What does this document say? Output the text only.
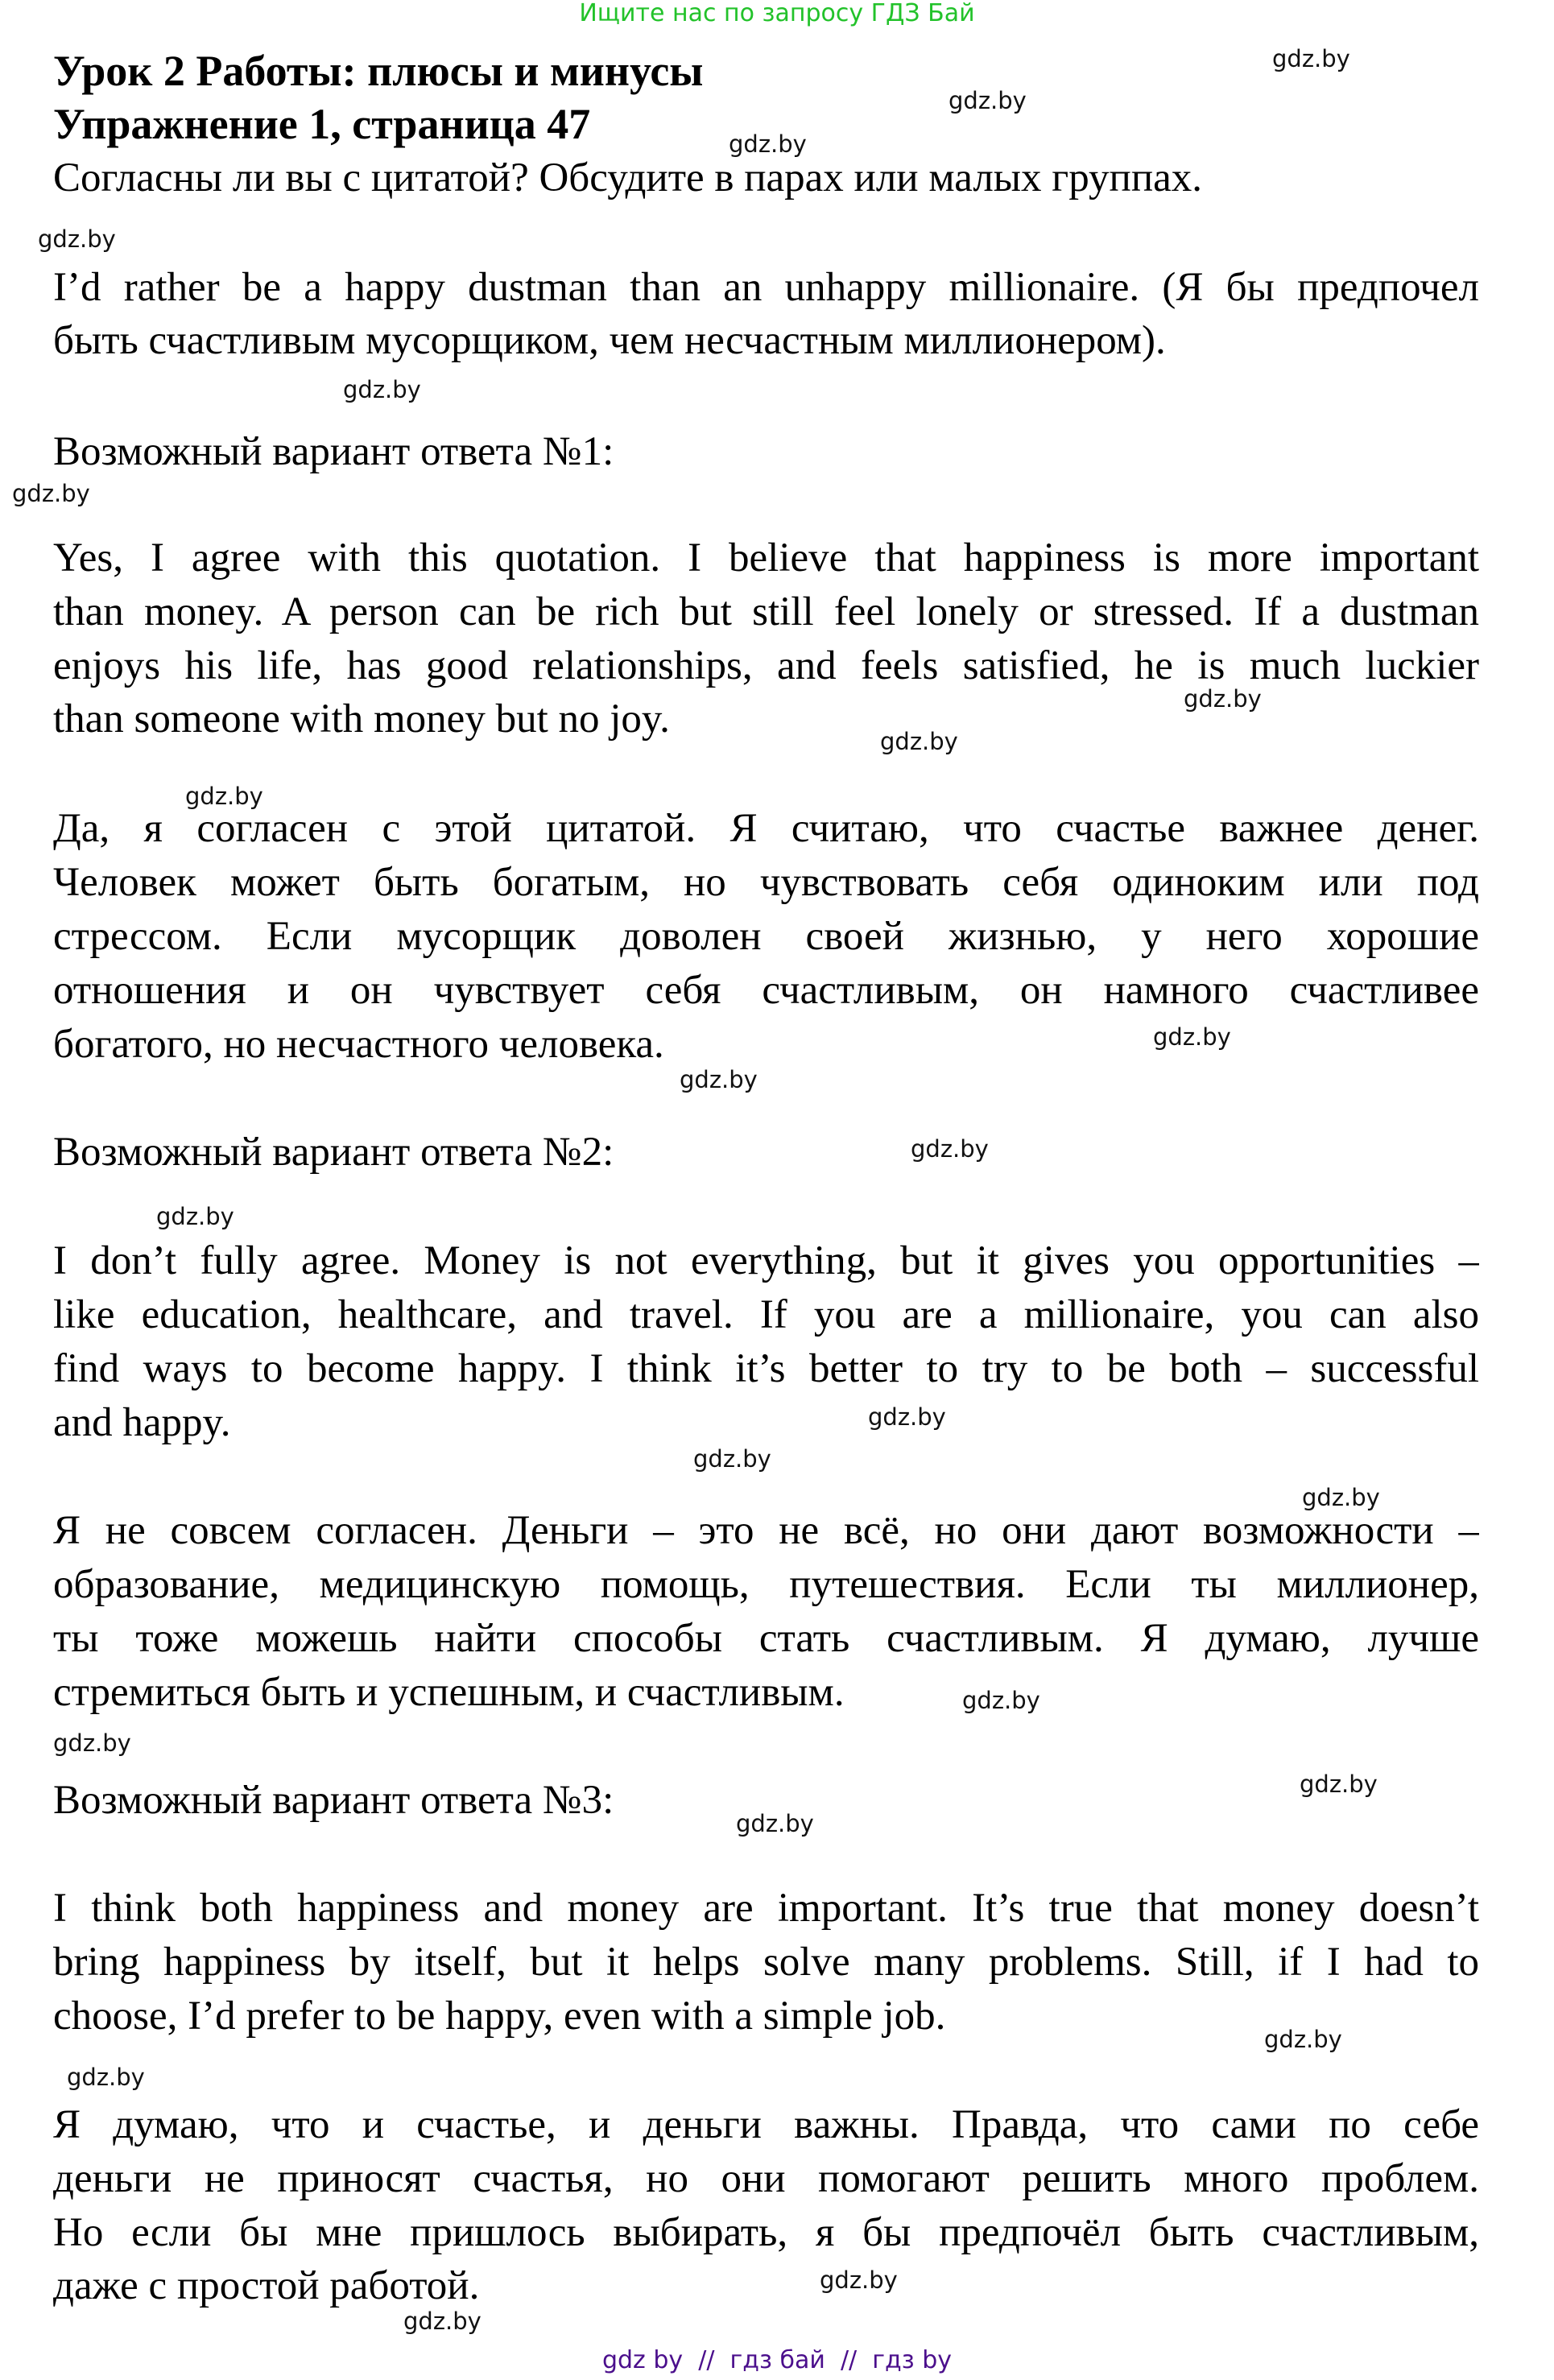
Ищите нас по запросу ГДЗ Бай
Урок 2 Работы: плюсы и минусы
Упражнение 1, страница 47
Согласны ли вы с цитатой? Обсудите в парах или малых группах.
I’d rather be a happy dustman than an unhappy millionaire. (Я бы предпочел
быть счастливым мусорщиком, чем несчастным миллионером).
Возможный вариант ответа №1:
Yes, I agree with this quotation. I believe that happiness is more important
than money. A person can be rich but still feel lonely or stressed. If a dustman
enjoys his life, has good relationships, and feels satisfied, he is much luckier
than someone with money but no joy.
Да, я согласен с этой цитатой. Я считаю, что счастье важнее денег.
Человек может быть богатым, но чувствовать себя одиноким или под
стрессом. Если мусорщик доволен своей жизнью, у него хорошие
отношения и он чувствует себя счастливым, он намного счастливее
богатого, но несчастного человека.
Возможный вариант ответа №2:
I don’t fully agree. Money is not everything, but it gives you opportunities –
like education, healthcare, and travel. If you are a millionaire, you can also
find ways to become happy. I think it’s better to try to be both – successful
and happy.
Я не совсем согласен. Деньги – это не всё, но они дают возможности –
образование, медицинскую помощь, путешествия. Если ты миллионер,
ты тоже можешь найти способы стать счастливым. Я думаю, лучше
стремиться быть и успешным, и счастливым.
Возможный вариант ответа №3:
I think both happiness and money are important. It’s true that money doesn’t
bring happiness by itself, but it helps solve many problems. Still, if I had to
choose, I’d prefer to be happy, even with a simple job.
Я думаю, что и счастье, и деньги важны. Правда, что сами по себе
деньги не приносят счастья, но они помогают решить много проблем.
Но если бы мне пришлось выбирать, я бы предпочёл быть счастливым,
даже с простой работой.
gdz.by
gdz.by
gdz.by
gdz.by
gdz.by
gdz.by
gdz.by
gdz.by
gdz.by
gdz.by
gdz.by
gdz.by
gdz.by
gdz.by
gdz.by
gdz.by
gdz.by
gdz.by
gdz.by
gdz.by
gdz.by
gdz.by
gdz.by
gdz.by
gdz by  //  гдз бай  //  гдз by
